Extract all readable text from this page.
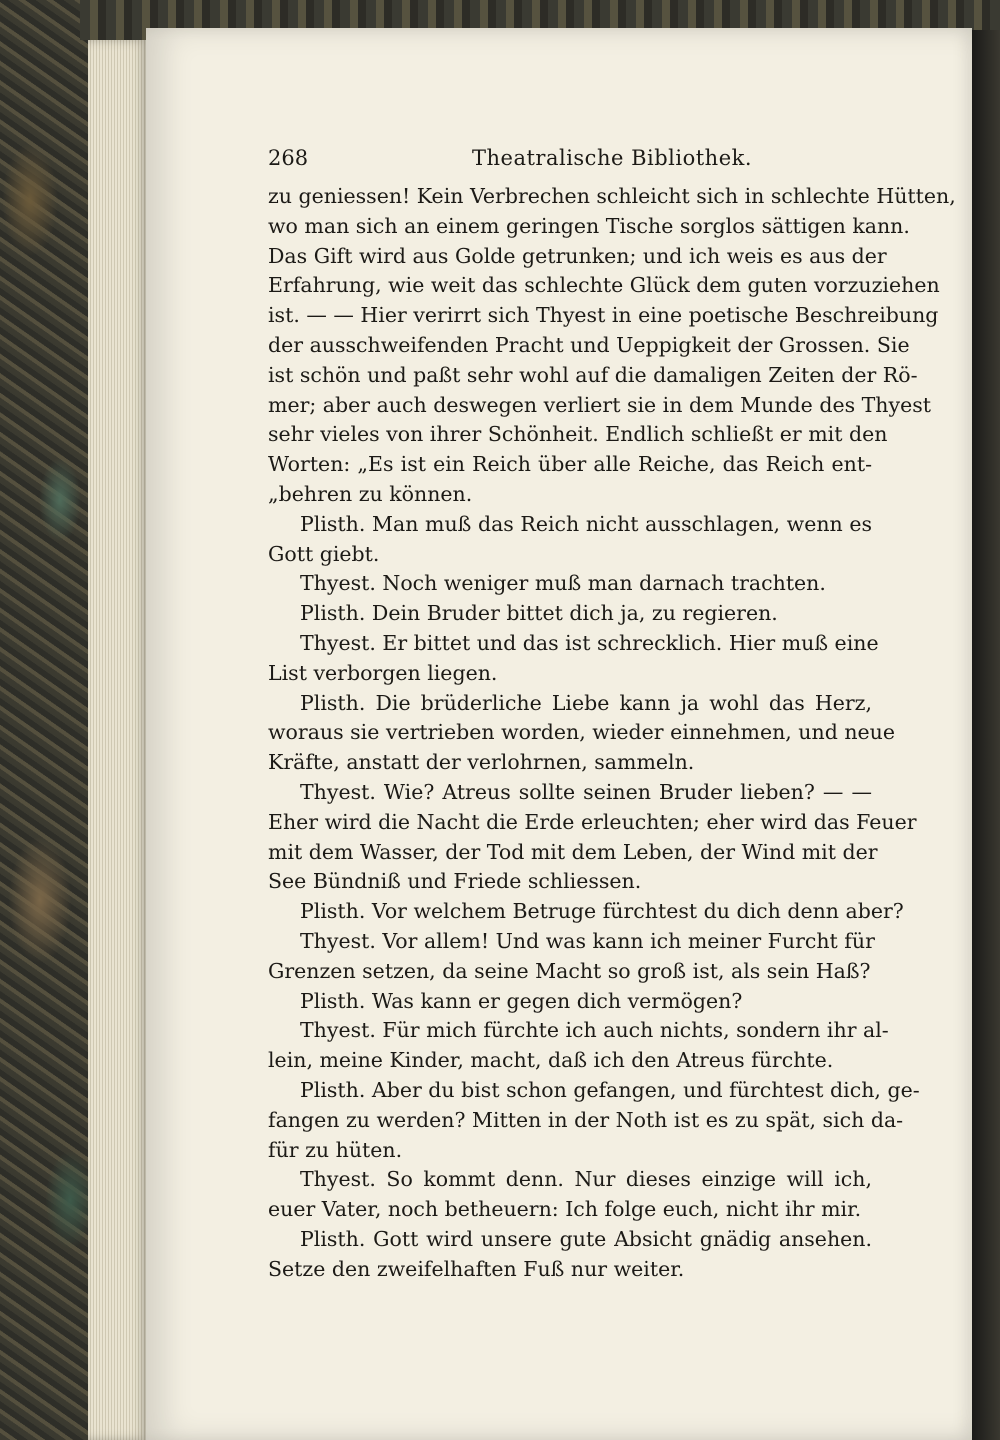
268	Theatralische Bibliothek.
zu geniessen! Kein Verbrechen schleicht sich in schlechte Hütten,
wo man sich an einem geringen Tische sorglos sättigen kann.
Das Gift wird aus Golde getrunken; und ich weis es aus der
Erfahrung, wie weit das schlechte Glück dem guten vorzuziehen
ist. — — Hier verirrt sich Thyest in eine poetische Beschreibung
der ausschweifenden Pracht und Ueppigkeit der Grossen. Sie
ist schön und paßt sehr wohl auf die damaligen Zeiten der Rö-
mer; aber auch deswegen verliert sie in dem Munde des Thyest
sehr vieles von ihrer Schönheit. Endlich schließt er mit den
Worten: „Es ist ein Reich über alle Reiche, das Reich ent-
„behren zu können.
Plisth. Man muß das Reich nicht ausschlagen, wenn es
Gott giebt.
Thyest. Noch weniger muß man darnach trachten.
Plisth. Dein Bruder bittet dich ja, zu regieren.
Thyest. Er bittet und das ist schrecklich. Hier muß eine
List verborgen liegen.
Plisth. Die brüderliche Liebe kann ja wohl das Herz,
woraus sie vertrieben worden, wieder einnehmen, und neue
Kräfte, anstatt der verlohrnen, sammeln.
Thyest. Wie? Atreus sollte seinen Bruder lieben? — —
Eher wird die Nacht die Erde erleuchten; eher wird das Feuer
mit dem Wasser, der Tod mit dem Leben, der Wind mit der
See Bündniß und Friede schliessen.
Plisth. Vor welchem Betruge fürchtest du dich denn aber?
Thyest. Vor allem! Und was kann ich meiner Furcht für
Grenzen setzen, da seine Macht so groß ist, als sein Haß?
Plisth. Was kann er gegen dich vermögen?
Thyest. Für mich fürchte ich auch nichts, sondern ihr al-
lein, meine Kinder, macht, daß ich den Atreus fürchte.
Plisth. Aber du bist schon gefangen, und fürchtest dich, ge-
fangen zu werden? Mitten in der Noth ist es zu spät, sich da-
für zu hüten.
Thyest. So kommt denn. Nur dieses einzige will ich,
euer Vater, noch betheuern: Ich folge euch, nicht ihr mir.
Plisth. Gott wird unsere gute Absicht gnädig ansehen.
Setze den zweifelhaften Fuß nur weiter.
